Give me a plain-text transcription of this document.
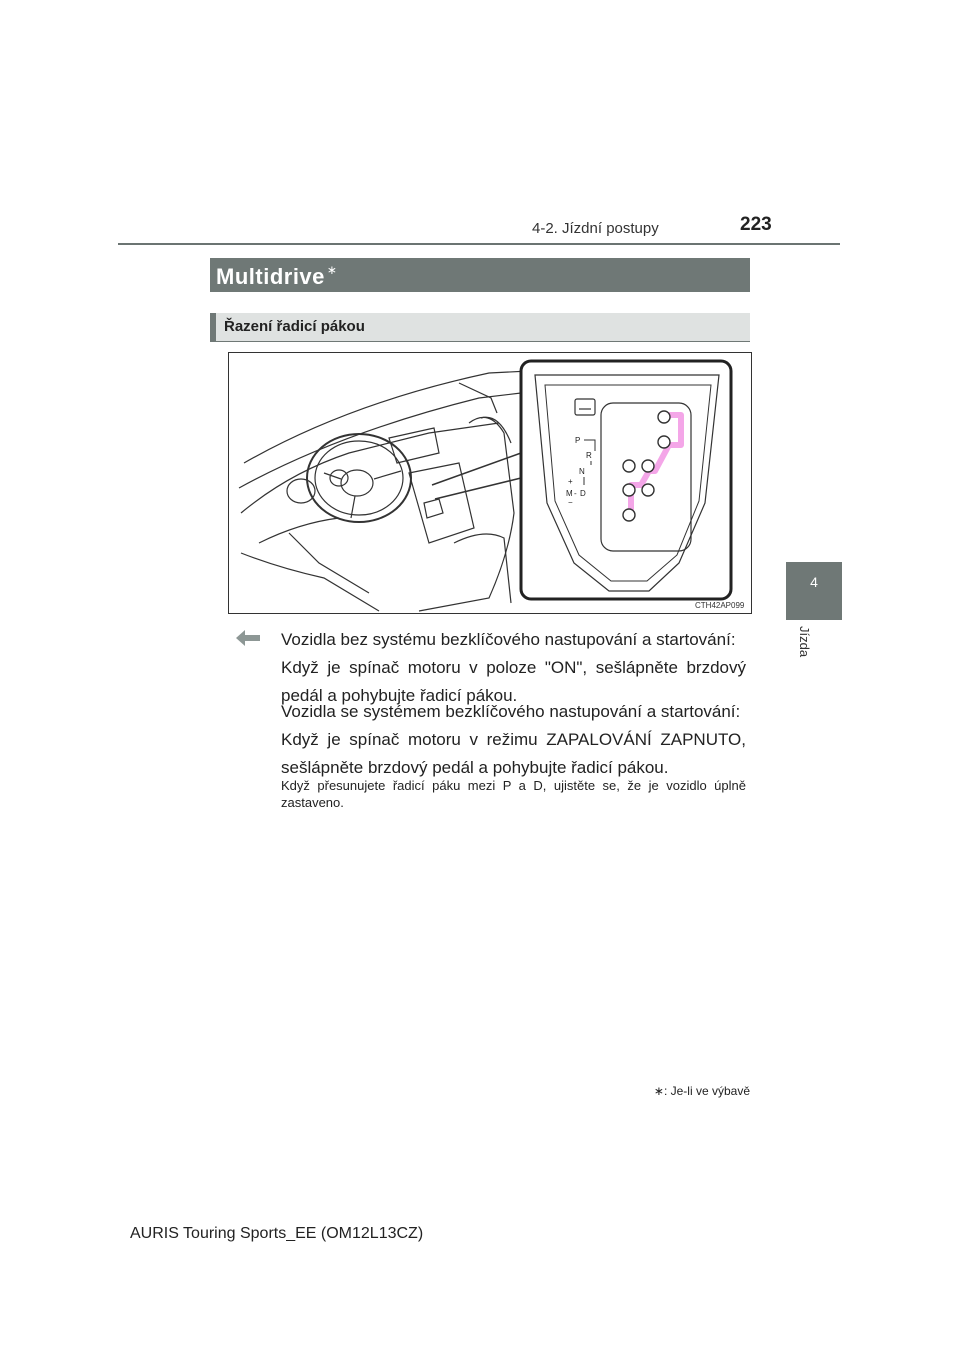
4-2. Jízdní postupy	223
4
Jízda
Multidrive ∗
Řazení řadicí pákou
P
R
N
+
M - D
−
CTH42AP099
Vozidla bez systému bezklíčového nastupování a startování:
Když je spínač motoru v poloze "ON", sešlápněte brzdový pedál a pohybujte řadicí pákou.
Vozidla se systémem bezklíčového nastupování a startování:
Když je spínač motoru v režimu ZAPALOVÁNÍ ZAPNUTO, sešlápněte brzdový pedál a pohybujte řadicí pákou.
Když přesunujete řadicí páku mezi P a D, ujistěte se, že je vozidlo úplně zastaveno.
∗: Je-li ve výbavě
AURIS Touring Sports_EE (OM12L13CZ)
